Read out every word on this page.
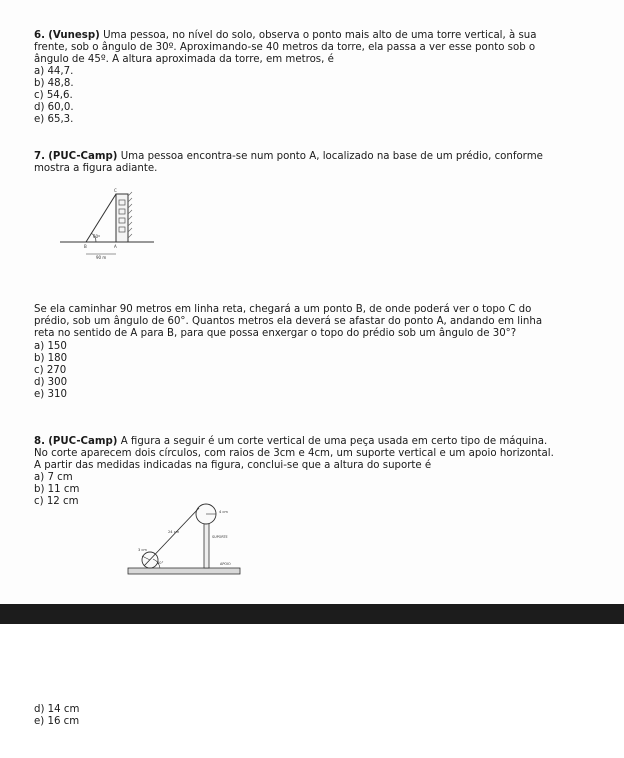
6. (Vunesp) Uma pessoa, no nível do solo, observa o ponto mais alto de uma torre vertical, à sua

frente, sob o ângulo de 30º. Aproximando-se 40 metros da torre, ela passa a ver esse ponto sob o

ângulo de 45º. A altura aproximada da torre, em metros, é

a) 44,7.

b) 48,8.

c) 54,6.

d) 60,0.

e) 65,3.

7. (PUC-Camp) Uma pessoa encontra-se num ponto A, localizado na base de um prédio, conforme

mostra a figura adiante.

60º
C
B	A
90 m

Se ela caminhar 90 metros em linha reta, chegará a um ponto B, de onde poderá ver o topo C do

prédio, sob um ângulo de 60°. Quantos metros ela deverá se afastar do ponto A, andando em linha

reta no sentido de A para B, para que possa enxergar o topo do prédio sob um ângulo de 30°?

a) 150

b) 180

c) 270

d) 300

e) 310

8. (PUC-Camp) A figura a seguir é um corte vertical de uma peça usada em certo tipo de máquina.

No corte aparecem dois círculos, com raios de 3cm e 4cm, um suporte vertical e um apoio horizontal.

A partir das medidas indicadas na figura, conclui-se que a altura do suporte é

a) 7 cm

b) 11 cm

c) 12 cm

4 cm
24 cm
3 cm
60°
SUPORTE
APOIO

d) 14 cm

e) 16 cm
